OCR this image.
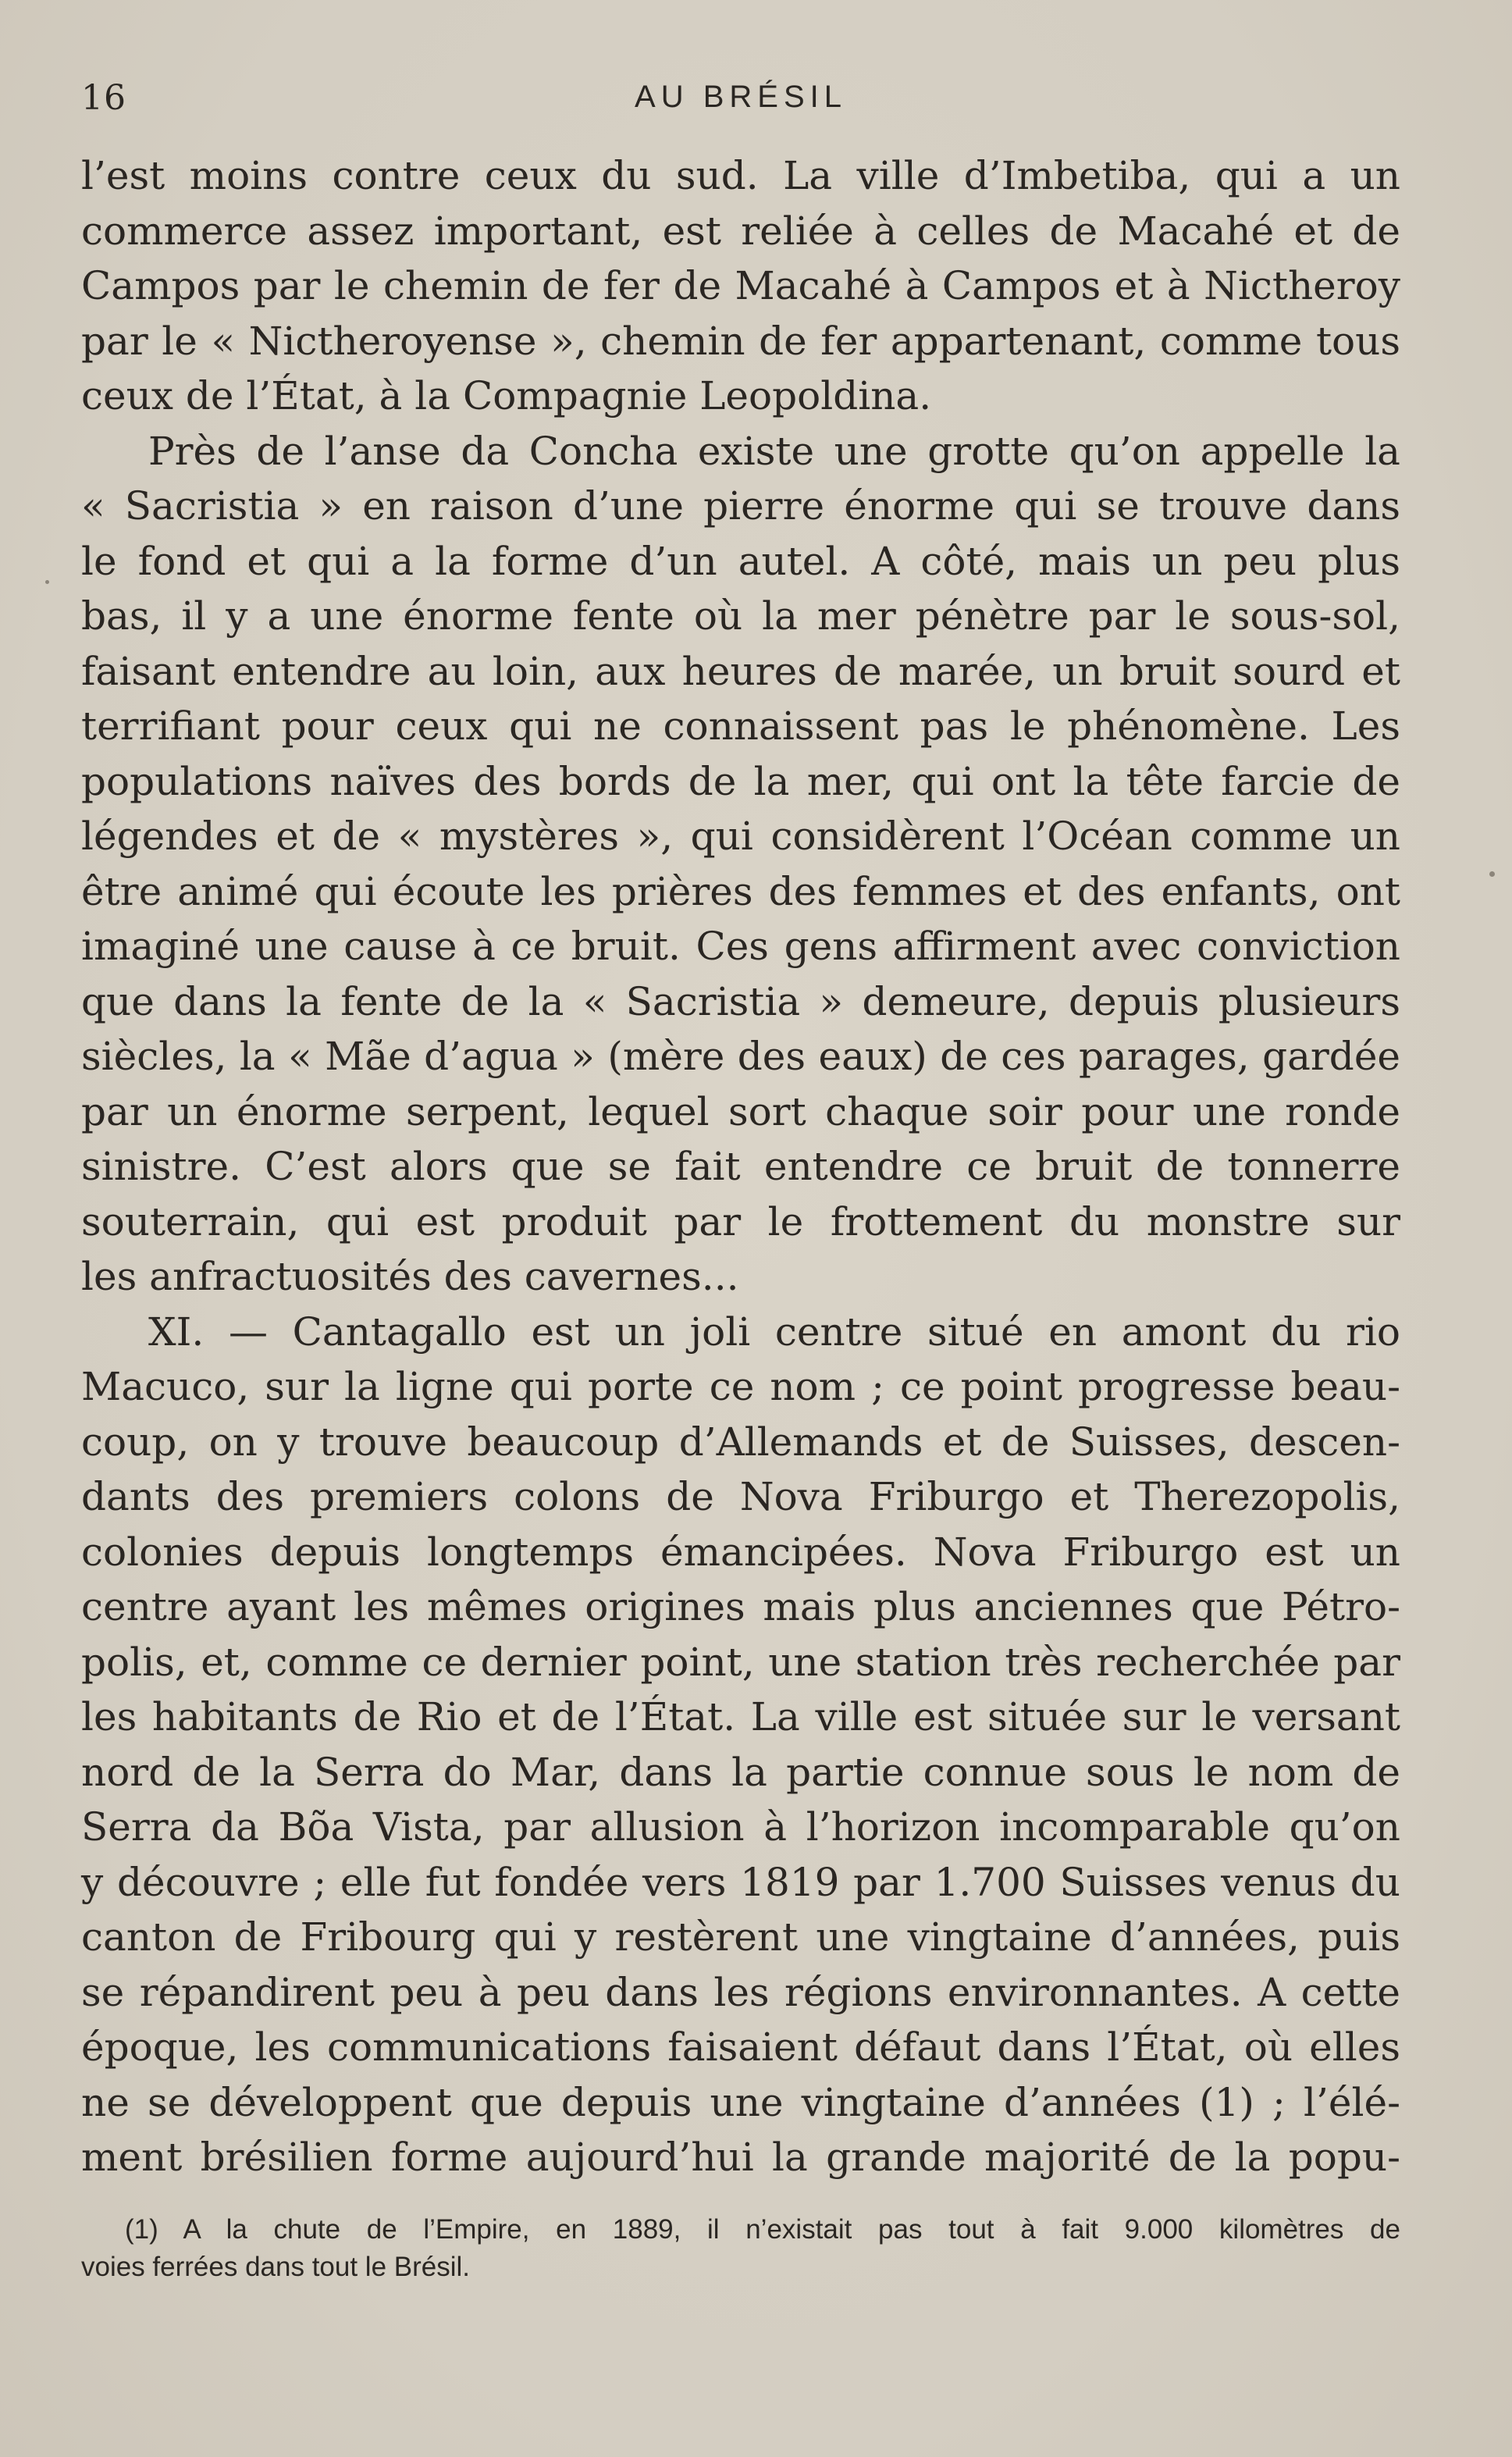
16	AU BRÉSIL
l’est moins contre ceux du sud. La ville d’Imbetiba, qui a un
commerce assez important, est reliée à celles de Macahé et de
Campos par le chemin de fer de Macahé à Campos et à Nictheroy
par le « Nictheroyense », chemin de fer appartenant, comme tous
ceux de l’État, à la Compagnie Leopoldina.
Près de l’anse da Concha existe une grotte qu’on appelle la
« Sacristia » en raison d’une pierre énorme qui se trouve dans
le fond et qui a la forme d’un autel. A côté, mais un peu plus
bas, il y a une énorme fente où la mer pénètre par le sous-sol,
faisant entendre au loin, aux heures de marée, un bruit sourd et
terrifiant pour ceux qui ne connaissent pas le phénomène. Les
populations naïves des bords de la mer, qui ont la tête farcie de
légendes et de « mystères », qui considèrent l’Océan comme un
être animé qui écoute les prières des femmes et des enfants, ont
imaginé une cause à ce bruit. Ces gens affirment avec conviction
que dans la fente de la « Sacristia » demeure, depuis plusieurs
siècles, la « Mãe d’agua » (mère des eaux) de ces parages, gardée
par un énorme serpent, lequel sort chaque soir pour une ronde
sinistre. C’est alors que se fait entendre ce bruit de tonnerre
souterrain, qui est produit par le frottement du monstre sur
les anfractuosités des cavernes...
XI. — Cantagallo est un joli centre situé en amont du rio
Macuco, sur la ligne qui porte ce nom ; ce point progresse beau-
coup, on y trouve beaucoup d’Allemands et de Suisses, descen-
dants des premiers colons de Nova Friburgo et Therezopolis,
colonies depuis longtemps émancipées. Nova Friburgo est un
centre ayant les mêmes origines mais plus anciennes que Pétro-
polis, et, comme ce dernier point, une station très recherchée par
les habitants de Rio et de l’État. La ville est située sur le versant
nord de la Serra do Mar, dans la partie connue sous le nom de
Serra da Bõa Vista, par allusion à l’horizon incomparable qu’on
y découvre ; elle fut fondée vers 1819 par 1.700 Suisses venus du
canton de Fribourg qui y restèrent une vingtaine d’années, puis
se répandirent peu à peu dans les régions environnantes. A cette
époque, les communications faisaient défaut dans l’État, où elles
ne se développent que depuis une vingtaine d’années (1) ; l’élé-
ment brésilien forme aujourd’hui la grande majorité de la popu-
(1) A la chute de l’Empire, en 1889, il n’existait pas tout à fait 9.000 kilomètres de
voies ferrées dans tout le Brésil.
